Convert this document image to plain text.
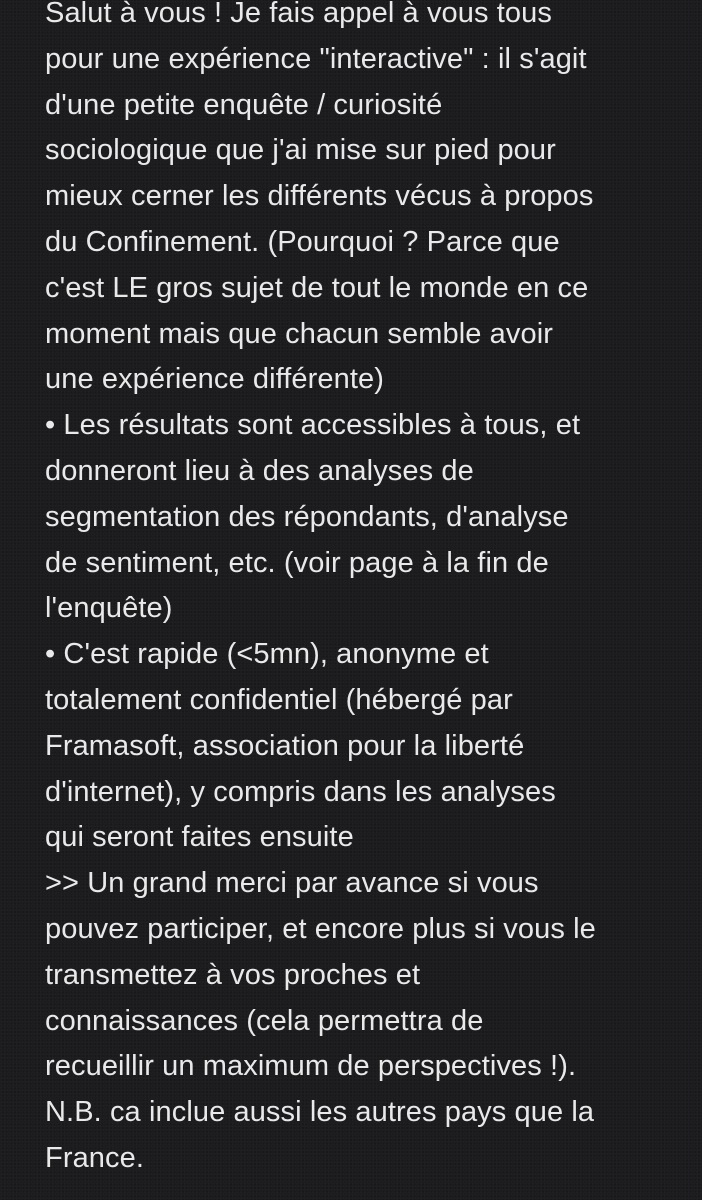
Salut à vous ! Je fais appel à vous tous
pour une expérience "interactive" : il s'agit
d'une petite enquête / curiosité
sociologique que j'ai mise sur pied pour
mieux cerner les différents vécus à propos
du Confinement. (Pourquoi ? Parce que
c'est LE gros sujet de tout le monde en ce
moment mais que chacun semble avoir
une expérience différente)
• Les résultats sont accessibles à tous, et
donneront lieu à des analyses de
segmentation des répondants, d'analyse
de sentiment, etc. (voir page à la fin de
l'enquête)
• C'est rapide (<5mn), anonyme et
totalement confidentiel (hébergé par
Framasoft, association pour la liberté
d'internet), y compris dans les analyses
qui seront faites ensuite
>> Un grand merci par avance si vous
pouvez participer, et encore plus si vous le
transmettez à vos proches et
connaissances (cela permettra de
recueillir un maximum de perspectives !).
N.B. ca inclue aussi les autres pays que la
France.
